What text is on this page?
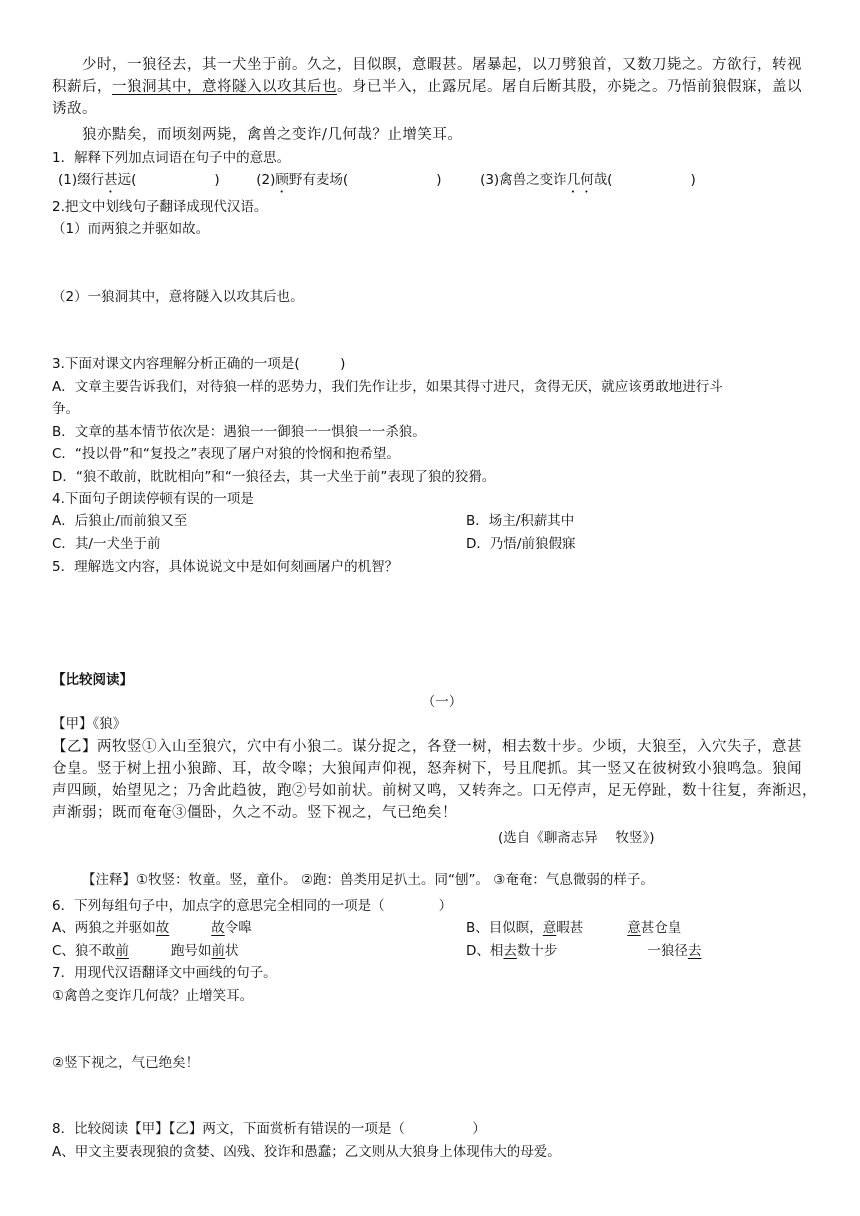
少时，一狼径去，其一犬坐于前。久之，目似瞑，意暇甚。屠暴起，以刀劈狼首，又数刀毙之。方欲行，转视
积薪后，一狼洞其中，意将隧入以攻其后也。身已半入，止露尻尾。屠自后断其股，亦毙之。乃悟前狼假寐，盖以
诱敌。
狼亦黠矣，而顷刻两毙，禽兽之变诈/几何哉？止增笑耳。
1．解释下列加点词语在句子中的意思。
(1)缀行甚远(	)	(2)顾野有麦场(	)	(3)禽兽之变诈几何哉(	)
2.把文中划线句子翻译成现代汉语。
（1）而两狼之并驱如故。
（2）一狼洞其中，意将隧入以攻其后也。
3.下面对课文内容理解分析正确的一项是(　　　)
A．文章主要告诉我们，对待狼一样的恶势力，我们先作让步，如果其得寸进尺，贪得无厌，就应该勇敢地进行斗
争。
B．文章的基本情节依次是：遇狼一一御狼一一惧狼一一杀狼。
C．“投以骨”和“复投之”表现了屠户对狼的怜悯和抱希望。
D．“狼不敢前，眈眈相向”和“一狼径去，其一犬坐于前”表现了狼的狡猾。
4.下面句子朗读停顿有误的一项是
A．后狼止/而前狼又至	B．场主/积薪其中
C．其/一犬坐于前	D．乃悟/前狼假寐
5．理解选文内容，具体说说文中是如何刻画屠户的机智？
【比较阅读】
（一）
【甲】《狼》
【乙】两牧竖①入山至狼穴，穴中有小狼二。谋分捉之，各登一树，相去数十步。少顷，大狼至，入穴失子，意甚
仓皇。竖于树上扭小狼蹄、耳，故令嗥；大狼闻声仰视，怒奔树下，号且爬抓。其一竖又在彼树致小狼鸣急。狼闻
声四顾，始望见之；乃舍此趋彼，跑②号如前状。前树又鸣，又转奔之。口无停声，足无停趾，数十往复，奔渐迟，
声渐弱；既而奄奄③僵卧，久之不动。竖下视之，气已绝矣！
(选自《聊斋志异　 牧竖》)
【注释】①牧竖：牧童。竖，童仆。 ②跑：兽类用足扒土。同“刨”。 ③奄奄：气息微弱的样子。
6．下列每组句子中，加点字的意思完全相同的一项是（　　　　）
A、两狼之并驱如故	故令嗥	B、目似瞑，意暇甚	意甚仓皇
C、狼不敢前	跑号如前状	D、相去数十步	一狼径去
7．用现代汉语翻译文中画线的句子。
①禽兽之变诈几何哉？止增笑耳。
②竖下视之，气已绝矣！
8．比较阅读【甲】【乙】两文，下面赏析有错误的一项是（　　　　　）
A、甲文主要表现狼的贪婪、凶残、狡诈和愚蠢；乙文则从大狼身上体现伟大的母爱。
